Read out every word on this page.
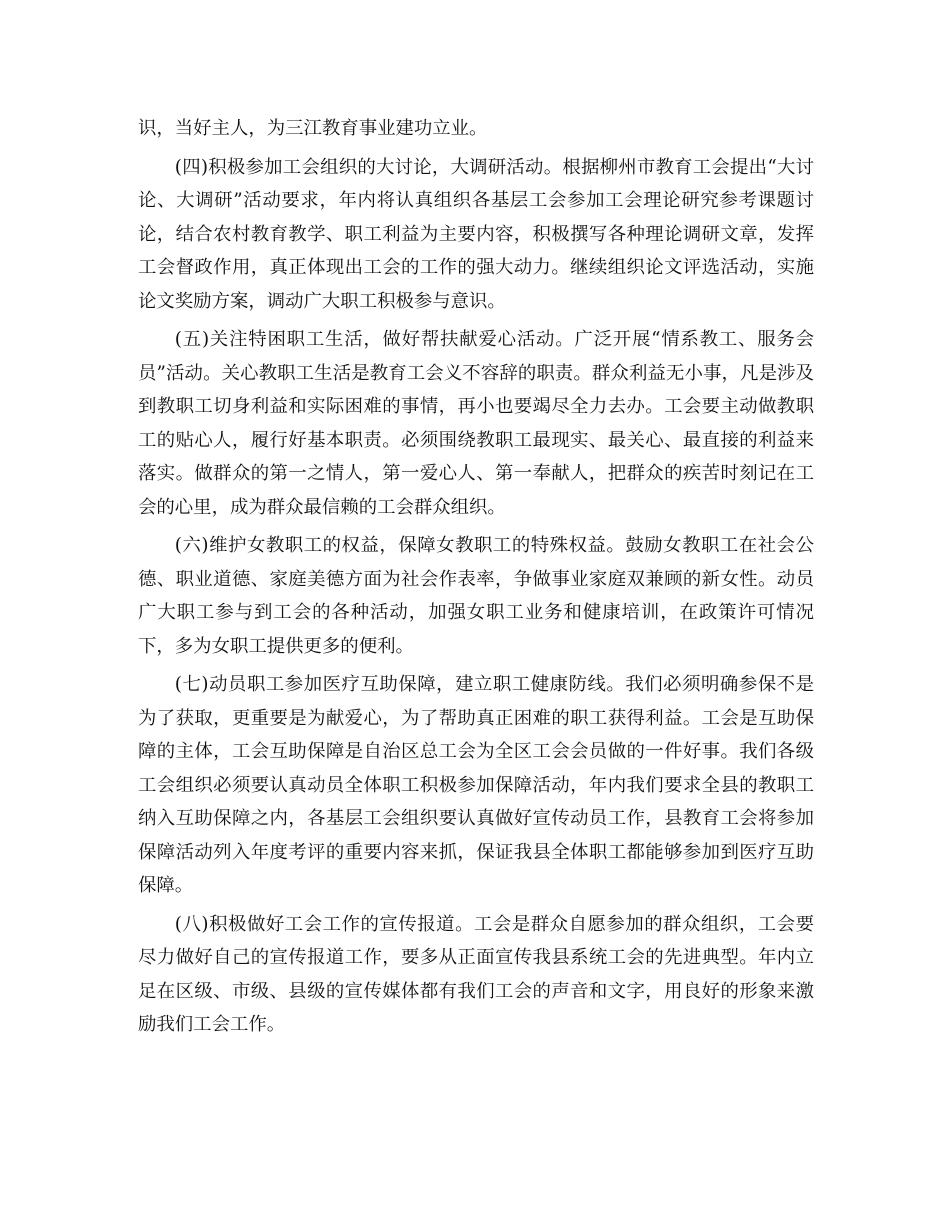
识，当好主人，为三江教育事业建功立业。

(四)积极参加工会组织的大讨论，大调研活动。根据柳州市教育工会提出“大讨论、大调研”活动要求，年内将认真组织各基层工会参加工会理论研究参考课题讨论，结合农村教育教学、职工利益为主要内容，积极撰写各种理论调研文章，发挥工会督政作用，真正体现出工会的工作的强大动力。继续组织论文评选活动，实施论文奖励方案，调动广大职工积极参与意识。

(五)关注特困职工生活，做好帮扶献爱心活动。广泛开展“情系教工、服务会员”活动。关心教职工生活是教育工会义不容辞的职责。群众利益无小事，凡是涉及到教职工切身利益和实际困难的事情，再小也要竭尽全力去办。工会要主动做教职工的贴心人，履行好基本职责。必须围绕教职工最现实、最关心、最直接的利益来落实。做群众的第一之情人，第一爱心人、第一奉献人，把群众的疾苦时刻记在工会的心里，成为群众最信赖的工会群众组织。

(六)维护女教职工的权益，保障女教职工的特殊权益。鼓励女教职工在社会公德、职业道德、家庭美德方面为社会作表率，争做事业家庭双兼顾的新女性。动员广大职工参与到工会的各种活动，加强女职工业务和健康培训，在政策许可情况下，多为女职工提供更多的便利。

(七)动员职工参加医疗互助保障，建立职工健康防线。我们必须明确参保不是为了获取，更重要是为献爱心，为了帮助真正困难的职工获得利益。工会是互助保障的主体，工会互助保障是自治区总工会为全区工会会员做的一件好事。我们各级工会组织必须要认真动员全体职工积极参加保障活动，年内我们要求全县的教职工纳入互助保障之内，各基层工会组织要认真做好宣传动员工作，县教育工会将参加保障活动列入年度考评的重要内容来抓，保证我县全体职工都能够参加到医疗互助保障。

(八)积极做好工会工作的宣传报道。工会是群众自愿参加的群众组织，工会要尽力做好自己的宣传报道工作，要多从正面宣传我县系统工会的先进典型。年内立足在区级、市级、县级的宣传媒体都有我们工会的声音和文字，用良好的形象来激励我们工会工作。
